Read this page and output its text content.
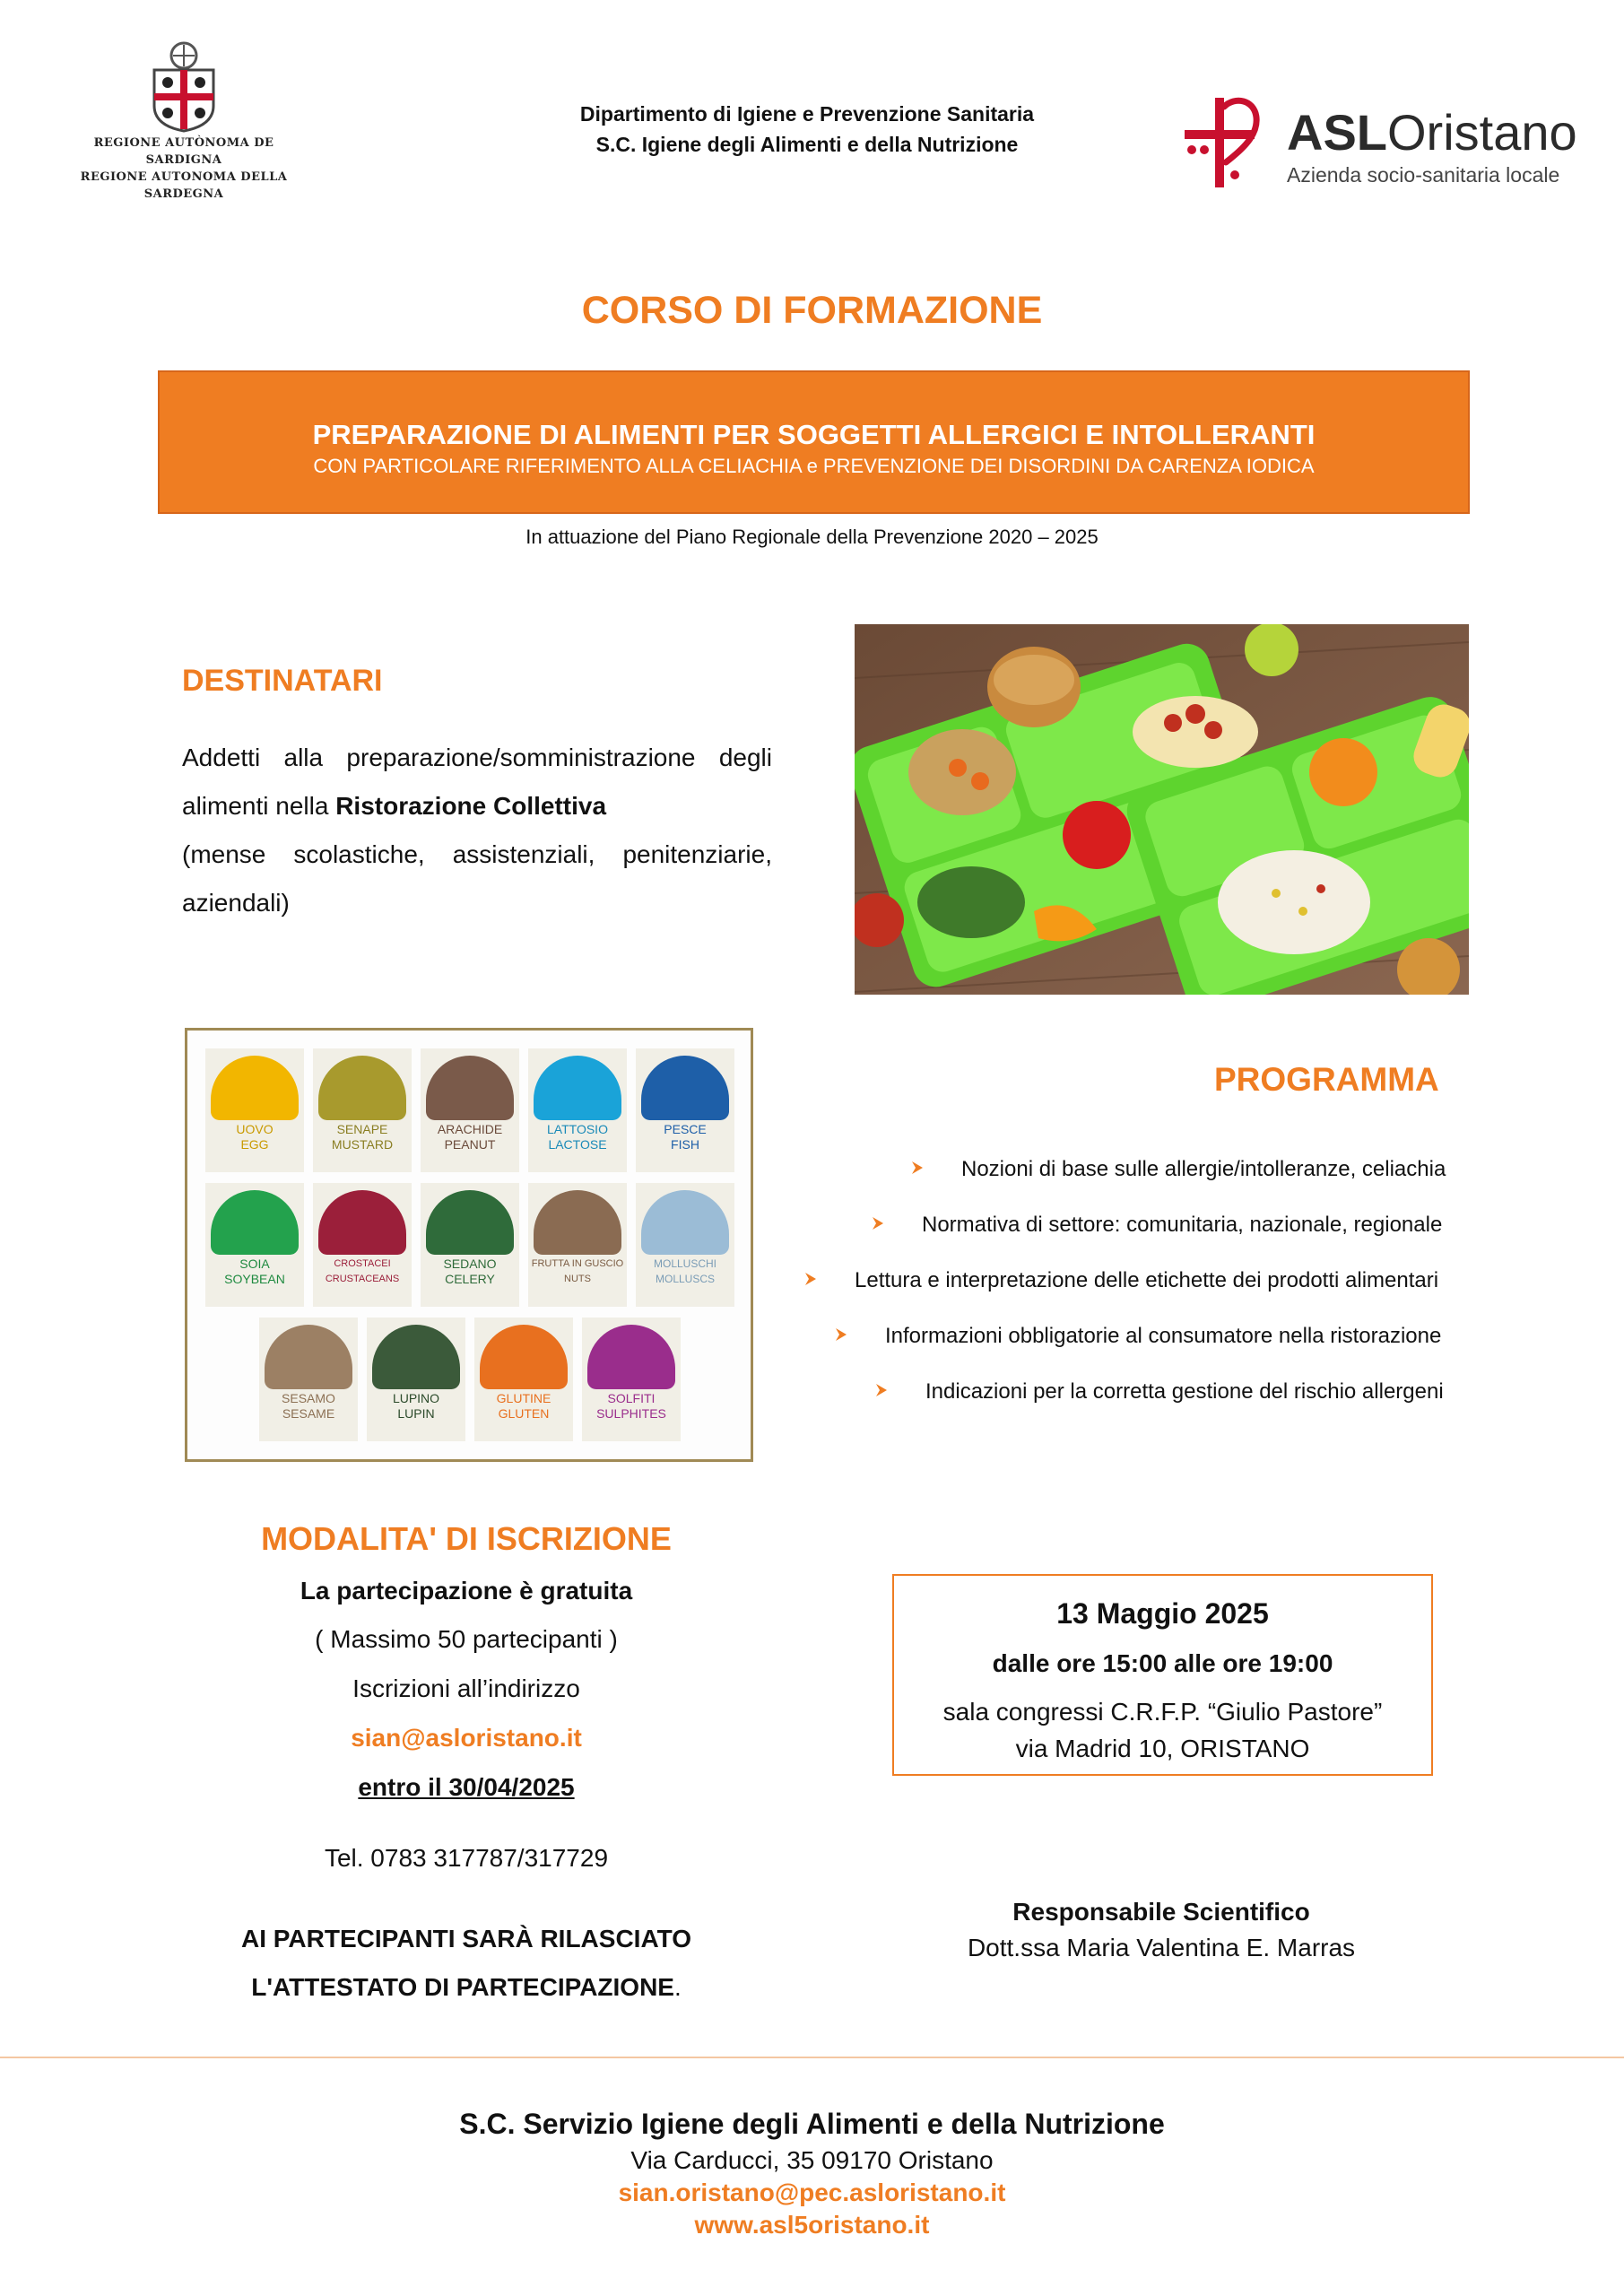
REGIONE AUTÒNOMA DE SARDIGNA
REGIONE AUTONOMA DELLA SARDEGNA
Dipartimento di Igiene e Prevenzione Sanitaria
S.C. Igiene degli Alimenti e della Nutrizione	ASLOristano
Azienda socio-sanitaria locale
CORSO DI FORMAZIONE
PREPARAZIONE DI ALIMENTI PER SOGGETTI ALLERGICI E INTOLLERANTI
CON PARTICOLARE RIFERIMENTO ALLA CELIACHIA e PREVENZIONE DEI DISORDINI DA CARENZA IODICA
In attuazione del Piano Regionale della Prevenzione 2020 – 2025
DESTINATARI
Addetti alla preparazione/somministrazione degli
alimenti nella Ristorazione Collettiva
(mense scolastiche, assistenziali, penitenziarie,
aziendali)
UOVO
EGG
SENAPE
MUSTARD
ARACHIDE
PEANUT
LATTOSIO
LACTOSE
PESCE
FISH
SOIA
SOYBEAN
CROSTACEI
CRUSTACEANS
SEDANO
CELERY
FRUTTA IN GUSCIO
NUTS
MOLLUSCHI
MOLLUSCS
SESAMO
SESAME
LUPINO
LUPIN
GLUTINE
GLUTEN
SOLFITI
SULPHITES
PROGRAMMA
Nozioni di base sulle allergie/intolleranze, celiachia
Normativa di settore: comunitaria, nazionale, regionale
Lettura e interpretazione delle etichette dei prodotti alimentari
Informazioni obbligatorie al consumatore nella ristorazione
Indicazioni per la corretta gestione del rischio allergeni
MODALITA' DI ISCRIZIONE
La partecipazione è gratuita
( Massimo 50 partecipanti )
Iscrizioni all’indirizzo
sian@asloristano.it
entro il 30/04/2025
Tel. 0783 317787/317729
AI PARTECIPANTI SARÀ RILASCIATO
L'ATTESTATO DI PARTECIPAZIONE.
13 Maggio 2025
dalle ore 15:00 alle ore 19:00
sala congressi C.R.F.P. “Giulio Pastore”
via Madrid 10, ORISTANO
Responsabile Scientifico
Dott.ssa Maria Valentina E. Marras
S.C. Servizio Igiene degli Alimenti e della Nutrizione
Via Carducci, 35 09170 Oristano
sian.oristano@pec.asloristano.it
www.asl5oristano.it
